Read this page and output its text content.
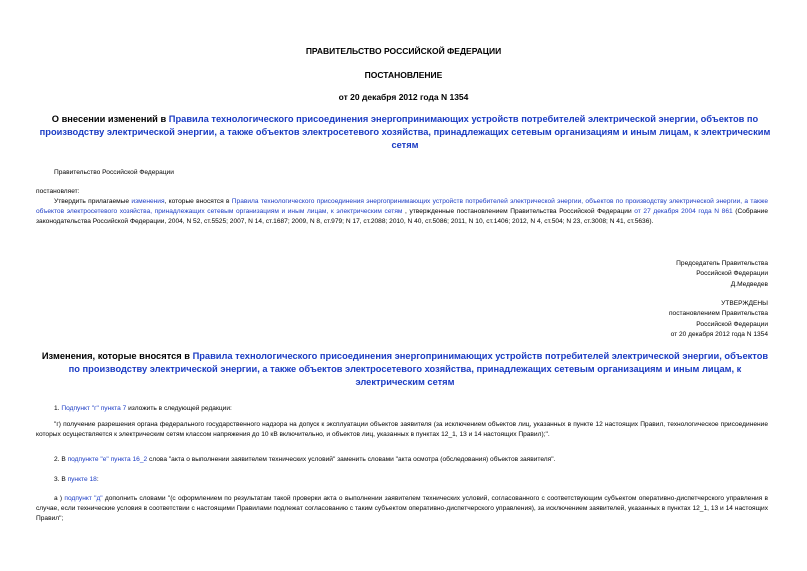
ПРАВИТЕЛЬСТВО РОССИЙСКОЙ ФЕДЕРАЦИИ
ПОСТАНОВЛЕНИЕ
от 20 декабря 2012 года N 1354
О внесении изменений в Правила технологического присоединения энергопринимающих устройств потребителей электрической энергии, объектов по производству электрической энергии, а также объектов электросетевого хозяйства, принадлежащих сетевым организациям и иным лицам, к электрическим сетям
Правительство Российской Федерации
постановляет:
Утвердить прилагаемые изменения, которые вносятся в Правила технологического присоединения энергопринимающих устройств потребителей электрической энергии, объектов по производству электрической энергии, а также объектов электросетевого хозяйства, принадлежащих сетевым организациям и иным лицам, к электрическим сетям , утвержденные постановлением Правительства Российской Федерации от 27 декабря 2004 года N 861 (Собрание законодательства Российской Федерации, 2004, N 52, ст.5525; 2007, N 14, ст.1687; 2009, N 8, ст.979; N 17, ст.2088; 2010, N 40, ст.5086; 2011, N 10, ст.1406; 2012, N 4, ст.504; N 23, ст.3008; N 41, ст.5636).
Председатель Правительства
Российской Федерации
Д.Медведев
УТВЕРЖДЕНЫ
постановлением Правительства
Российской Федерации
от 20 декабря 2012 года N 1354
Изменения, которые вносятся в Правила технологического присоединения энергопринимающих устройств потребителей электрической энергии, объектов по производству электрической энергии, а также объектов электросетевого хозяйства, принадлежащих сетевым организациям и иным лицам, к электрическим сетям
1. Подпункт "г" пункта 7 изложить в следующей редакции:
"г) получение разрешения органа федерального государственного надзора на допуск к эксплуатации объектов заявителя (за исключением объектов лиц, указанных в пункте 12 настоящих Правил, технологическое присоединение которых осуществляется к электрическим сетям классом напряжения до 10 кВ включительно, и объектов лиц, указанных в пунктах 12_1, 13 и 14 настоящих Правил);".
2. В подпункте "е" пункта 16_2 слова "акта о выполнении заявителем технических условий" заменить словами "акта осмотра (обследования) объектов заявителя".
3. В пункте 18:
а ) подпункт "д" дополнить словами "(с оформлением по результатам такой проверки акта о выполнении заявителем технических условий, согласованного с соответствующим субъектом оперативно-диспетчерского управления в случае, если технические условия в соответствии с настоящими Правилами подлежат согласованию с таким субъектом оперативно-диспетчерского управления), за исключением заявителей, указанных в пунктах 12_1, 13 и 14 настоящих Правил";
